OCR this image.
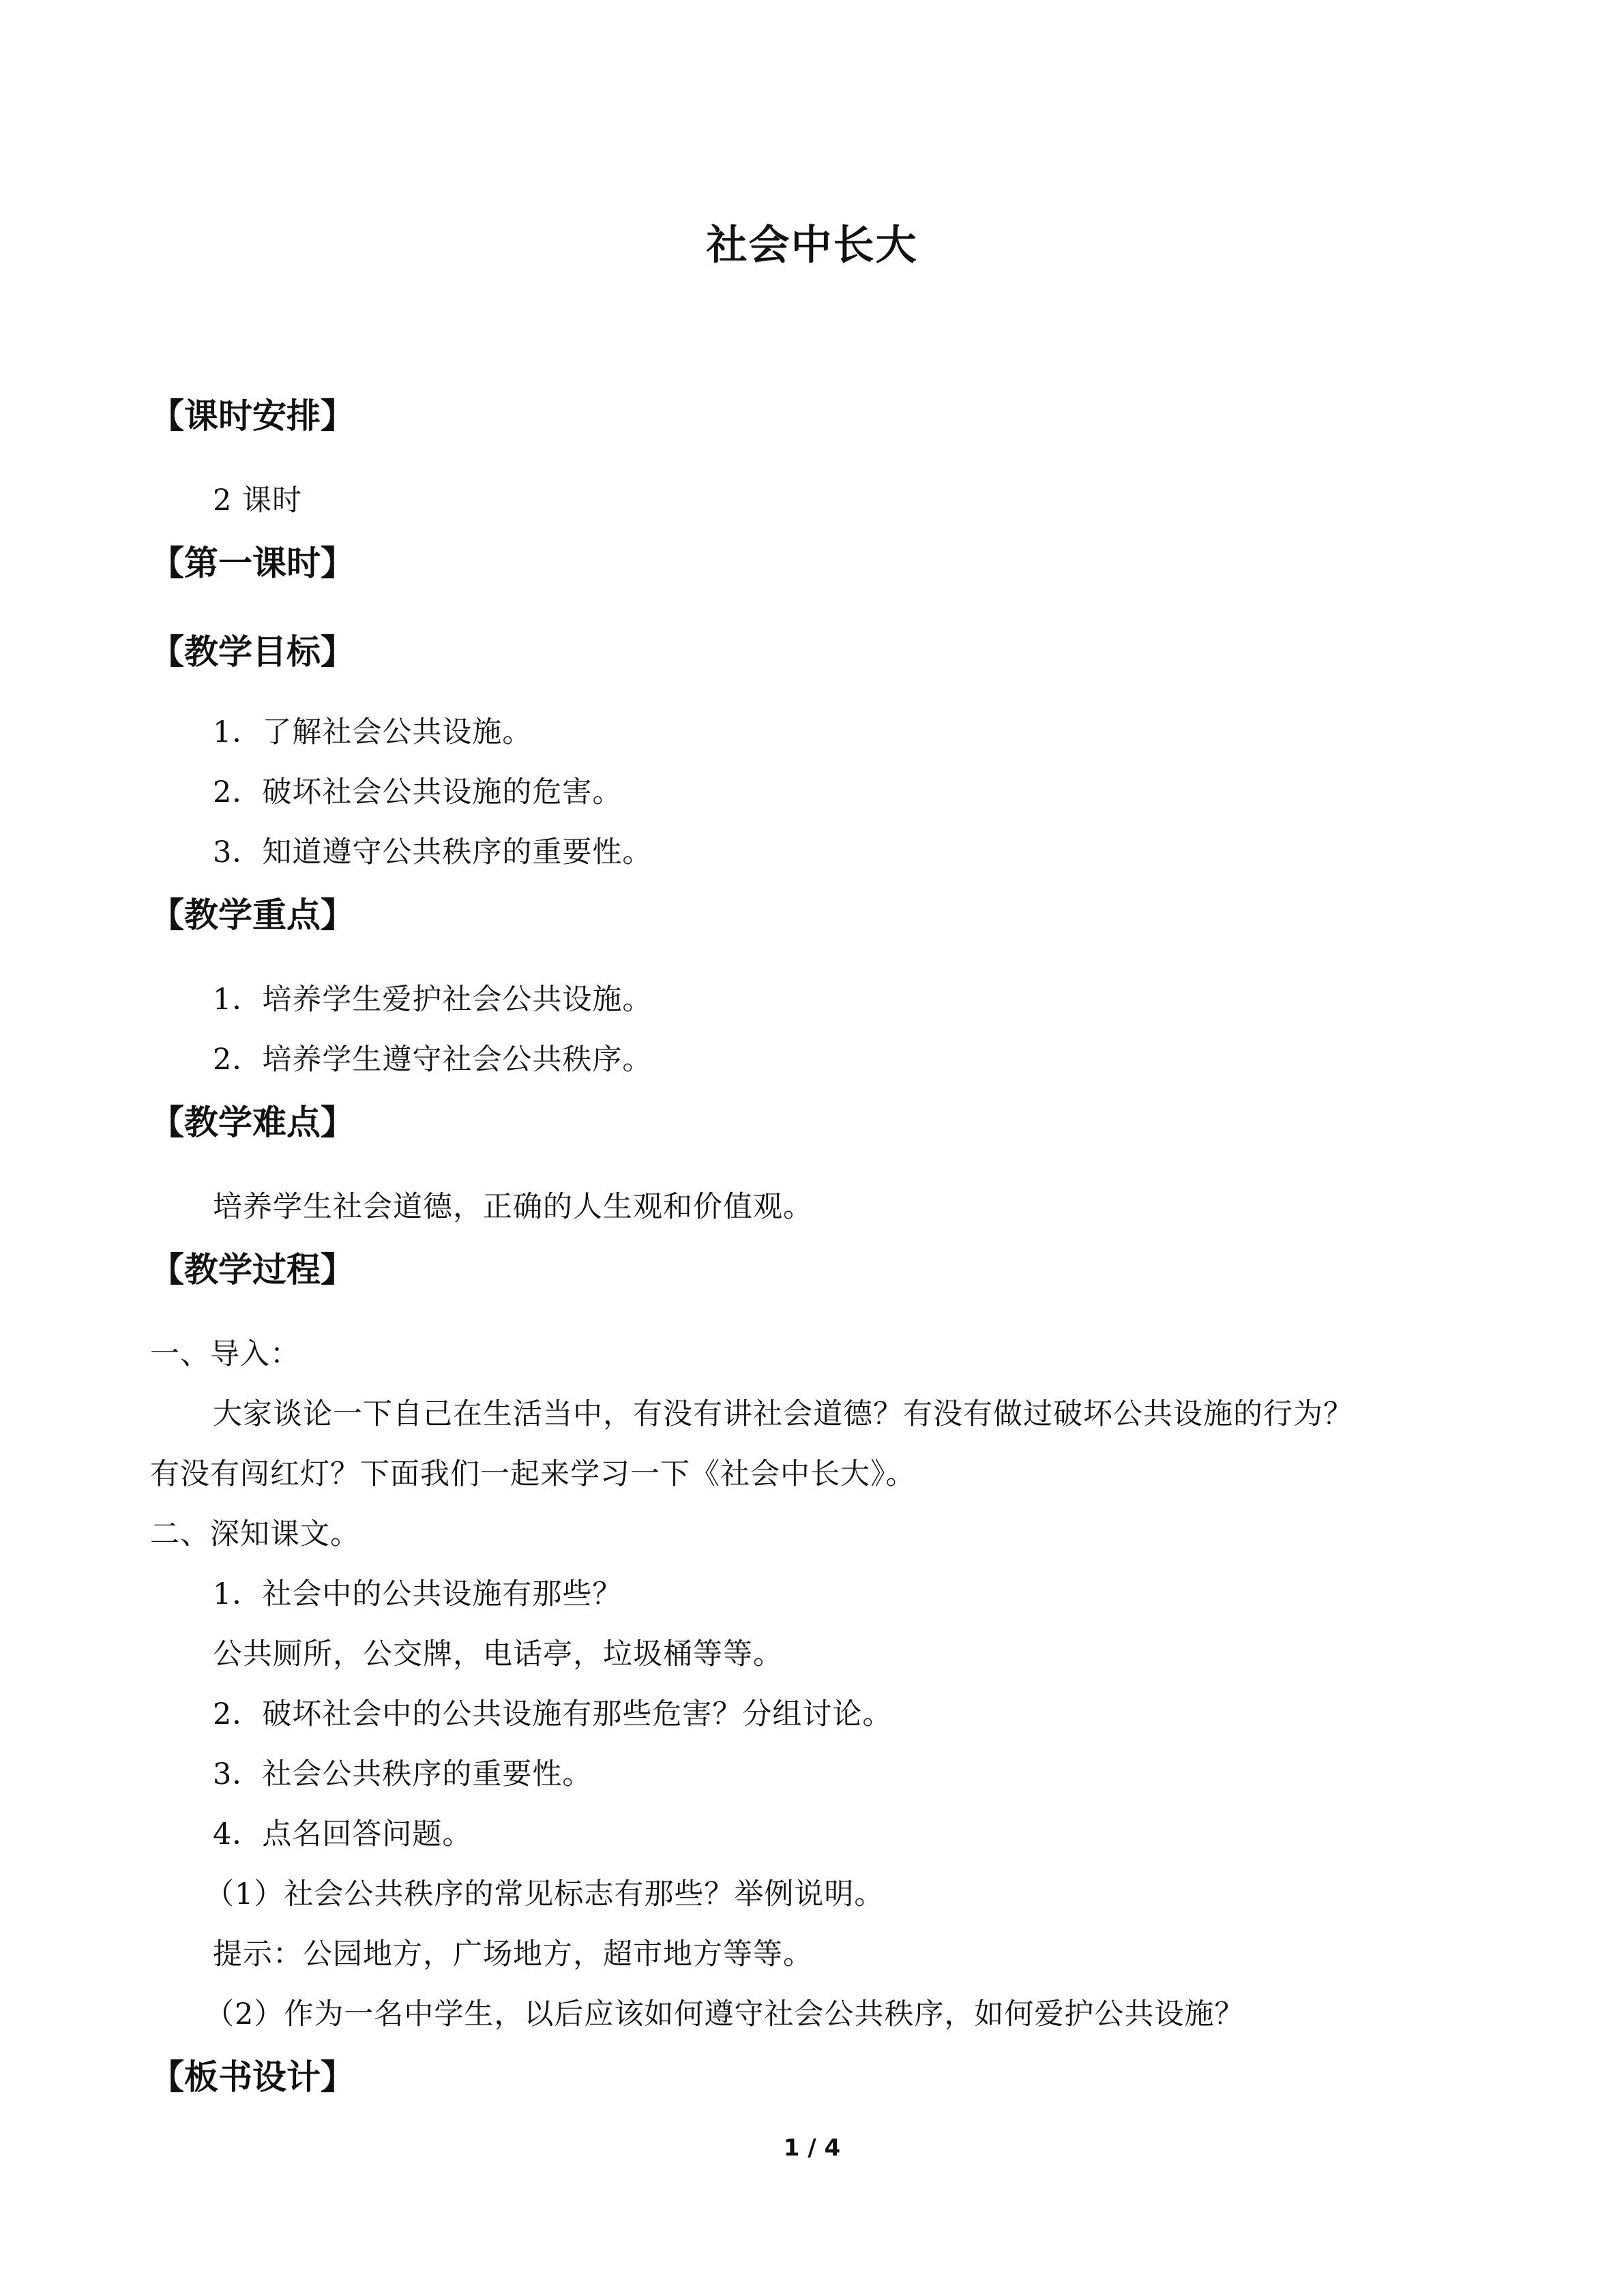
社会中长大
【课时安排】
2 课时
【第一课时】
【教学目标】
1．了解社会公共设施。
2．破坏社会公共设施的危害。
3．知道遵守公共秩序的重要性。
【教学重点】
1．培养学生爱护社会公共设施。
2．培养学生遵守社会公共秩序。
【教学难点】
培养学生社会道德，正确的人生观和价值观。
【教学过程】
一、导入：
大家谈论一下自己在生活当中，有没有讲社会道德？有没有做过破坏公共设施的行为？
有没有闯红灯？下面我们一起来学习一下《社会中长大》。
二、深知课文。
1．社会中的公共设施有那些？
公共厕所，公交牌，电话亭，垃圾桶等等。
2．破坏社会中的公共设施有那些危害？分组讨论。
3．社会公共秩序的重要性。
4．点名回答问题。
（1）社会公共秩序的常见标志有那些？举例说明。
提示：公园地方，广场地方，超市地方等等。
（2）作为一名中学生，以后应该如何遵守社会公共秩序，如何爱护公共设施？
【板书设计】
1 / 4
